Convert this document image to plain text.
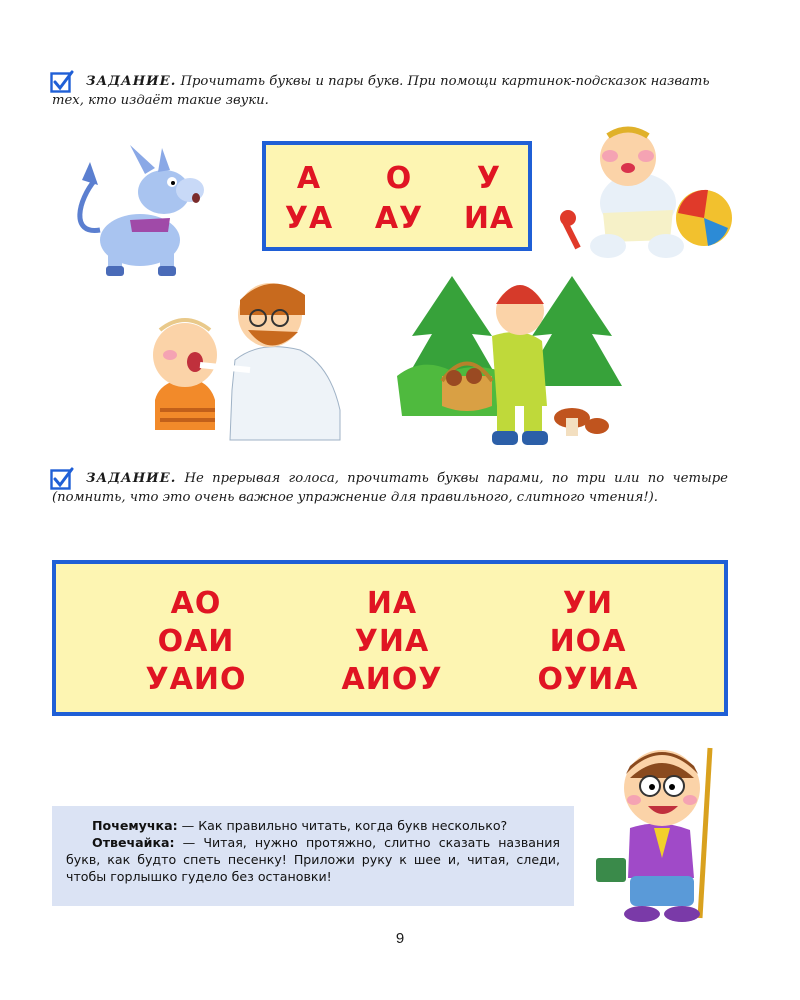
ЗАДАНИЕ. Прочитать буквы и пары букв. При помощи картинок-подсказок назвать тех, кто издаёт такие звуки.
А	О	У
УА	АУ	ИА
ЗАДАНИЕ. Не прерывая голоса, прочитать буквы парами, по три или по четыре (помнить, что это очень важное упражнение для правильного, слитного чтения!).
АО	ИА	УИ
ОАИ	УИА	ИОА
УАИО	АИОУ	ОУИА

Почемучка: — Как правильно читать, когда букв несколько?

Отвечайка: — Читая, нужно протяжно, слитно сказать названия букв, как будто спеть песенку! Приложи руку к шее и, читая, следи, чтобы горлышко гудело без остановки!

9
